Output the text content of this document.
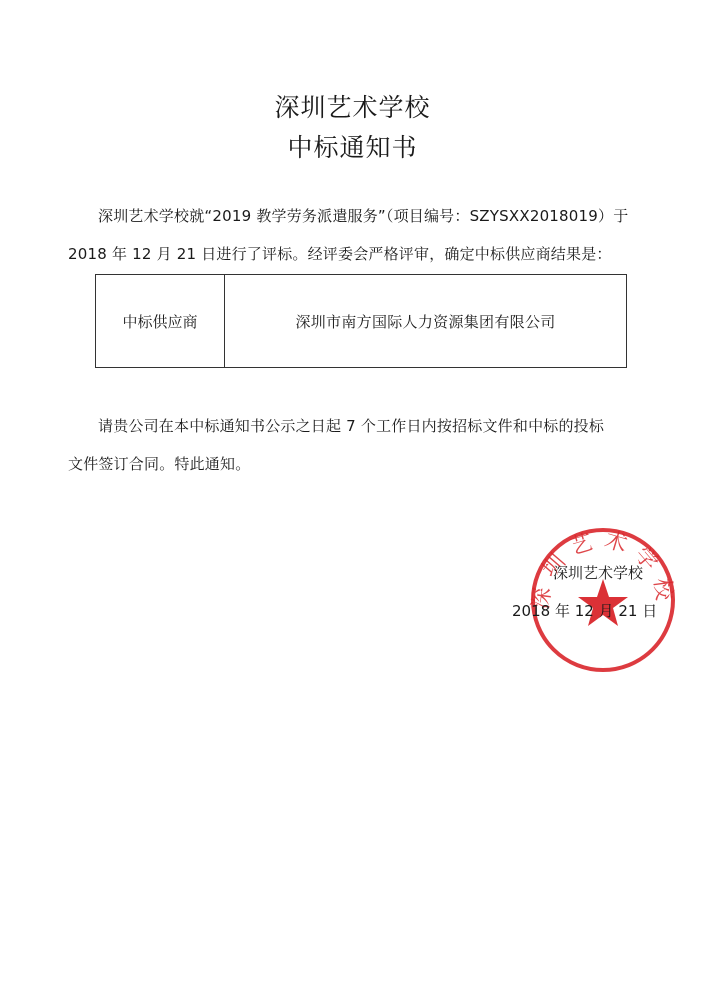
深圳艺术学校
中标通知书
深圳艺术学校就“2019 教学劳务派遣服务”（项目编号：SZYSXX2018019）于
2018 年 12 月 21 日进行了评标。经评委会严格评审，确定中标供应商结果是：
中标供应商	深圳市南方国际人力资源集团有限公司
请贵公司在本中标通知书公示之日起 7 个工作日内按招标文件和中标的投标
文件签订合同。特此通知。
深圳艺术学校
深圳艺术学校
2018 年 12 月 21 日
